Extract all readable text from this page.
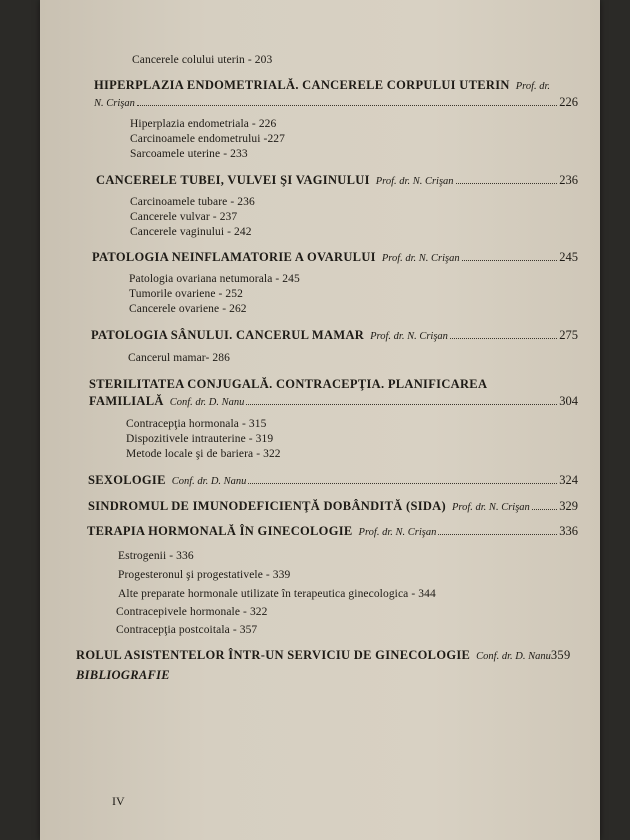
Cancerele colului uterin - 203
HIPERPLAZIA ENDOMETRIALĂ. CANCERELE CORPULUI UTERIN Prof. dr.
N. Crişan	226
Hiperplazia endometriala - 226
Carcinoamele endometrului -227
Sarcoamele uterine - 233
CANCERELE TUBEI, VULVEI ŞI VAGINULUI Prof. dr. N. Crişan	236
Carcinoamele tubare - 236
Cancerele vulvar - 237
Cancerele vaginului - 242
PATOLOGIA NEINFLAMATORIE A OVARULUI Prof. dr. N. Crişan	245
Patologia ovariana netumorala - 245
Tumorile ovariene - 252
Cancerele ovariene - 262
PATOLOGIA SÂNULUI. CANCERUL MAMAR Prof. dr. N. Crişan	275
Cancerul mamar- 286
STERILITATEA CONJUGALĂ. CONTRACEPŢIA. PLANIFICAREA
FAMILIALĂ Conf. dr. D. Nanu	304
Contracepţia hormonala - 315
Dispozitivele intrauterine - 319
Metode locale şi de bariera - 322
SEXOLOGIE Conf. dr. D. Nanu	324
SINDROMUL DE IMUNODEFICIENŢĂ DOBÂNDITĂ (SIDA) Prof. dr. N. Crişan 329
TERAPIA HORMONALĂ ÎN GINECOLOGIE Prof. dr. N. Crişan	336
Estrogenii - 336
Progesteronul şi progestativele - 339
Alte preparate hormonale utilizate în terapeutica ginecologica - 344
Contracepivele hormonale - 322
Contracepţia postcoitala - 357
ROLUL ASISTENTELOR ÎNTR-UN SERVICIU DE GINECOLOGIE Conf. dr. D. Nanu359
BIBLIOGRAFIE
IV
